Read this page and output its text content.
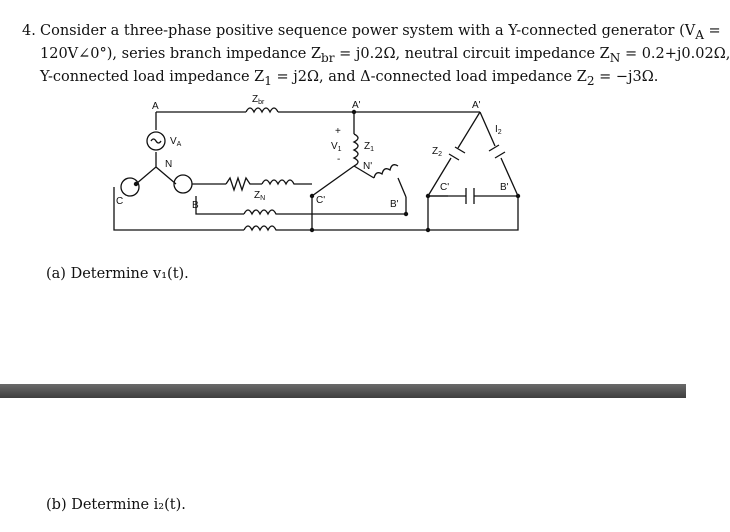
4. Consider a three-phase positive sequence power system with a Y-connected generator ($V_A$ =
120V∠0°), series branch impedance $Z_{br} = j0.2\Omega$, neutral circuit impedance $Z_N = 0.2+j0.02\Omega$,
Y-connected load impedance $Z_1 = j2\Omega$, and Δ-connected load impedance $Z_2 = -j3\Omega$.
A
$V_A$
N
C	B
$Z_{br}$
$Z_N$
A'
+
$V_1$
-
$Z_1$
N'
C'	B'
A'
$Z_2$
$I_2$
C'	B'
(a) Determine v₁(t).
(b) Determine i₂(t).
